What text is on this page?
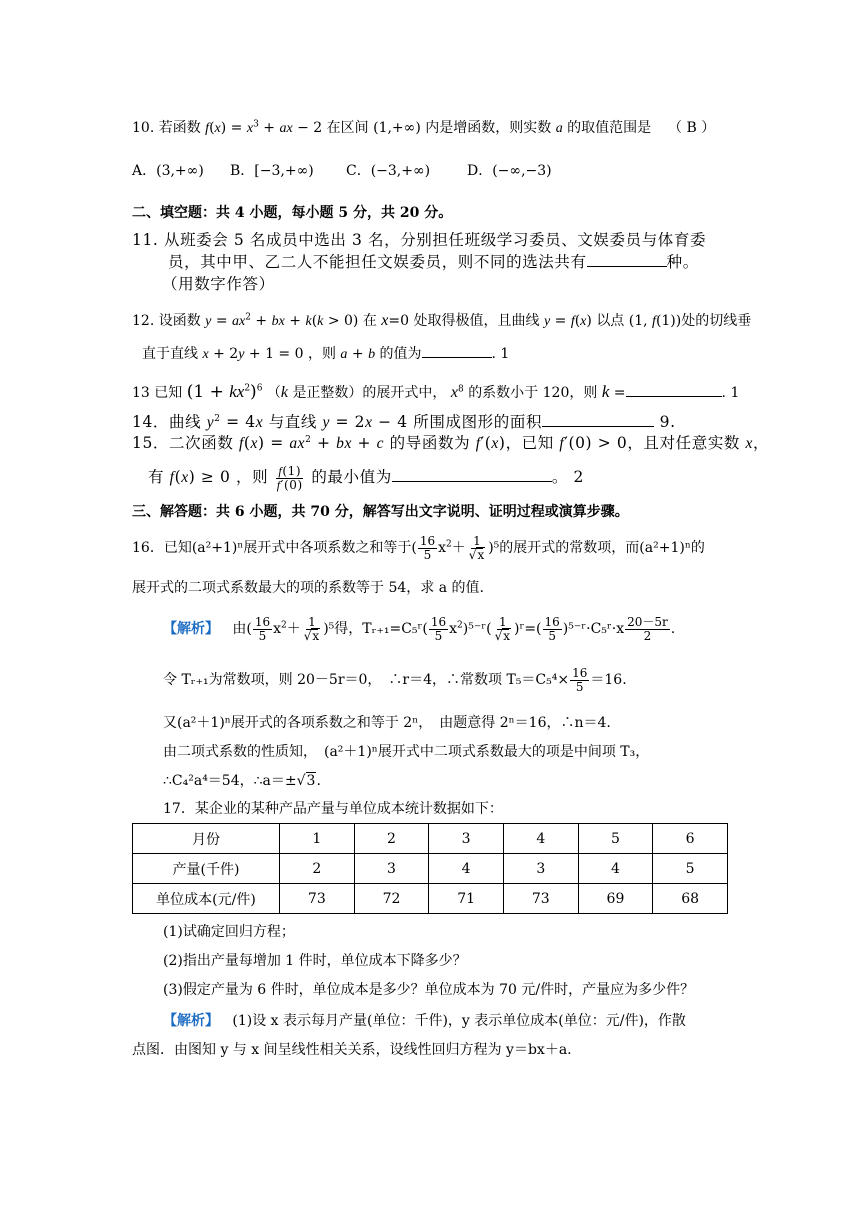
10. 若函数 $f(x) = x^3$ + ax − 2 在区间 (1,+∞) 内是增函数，则实数 a 的取值范围是 （ B ）
A．(3,+∞) B．[−3,+∞) C．(−3,+∞)	D．(−∞,−3)
二、填空题：共 4 小题，每小题 5 分，共 20 分。
11. 从班委会 5 名成员中选出 3 名，分别担任班级学习委员、文娱委员与体育委
员，其中甲、乙二人不能担任文娱委员，则不同的选法共有	种。
（用数字作答）
12. 设函数 $y = ax^2$ + bx + k(k > 0) 在 x=0 处取得极值，且曲线 y = f(x) 以点 (1, f(1))处的切线垂
直于直线 x + 2y + 1 = 0 ，则 a + b 的值为	. 1
13 已知 $(1 + kx^2)^6$ （k 是正整数）的展开式中， $x^8$ 的系数小于 120，则 k =	. 1
14．曲线 $y^2 = 4x$ 与直线 y = 2x − 4 所围成图形的面积	9.
15．二次函数 $f(x) = ax^2$ + bx + c 的导函数为 f′(x)，已知 f′(0) > 0，且对任意实数 x，
有 f(x) ≥ 0 ，则 $\frac{f(1)}{f'(0)}$ 的最小值为	。 2
三、解答题：共 6 小题，共 70 分，解答写出文字说明、证明过程或演算步骤。
16．已知(a²+1)ⁿ展开式中各项系数之和等于( $\frac{16}{5} x^2+ \frac{1}{√x} )^5$的展开式的常数项，而(a²+1)ⁿ的
展开式的二项式系数最大的项的系数等于 54，求 a 的值.
【解析】 由( $\frac{16}{5} x^2+ \frac{1}{√x} )^5$得，Tᵣ₊₁=C₅ʳ( $\frac{16}{5}$ $x^2)^{5-}ʳ( \frac{1}{√x}$ )ʳ=( $\frac{16}{5}$ )⁵⁻ʳ·C₅ʳ·x $\frac{20-5r}{2}$ .
令 Tᵣ₊₁为常数项，则 20－5r＝0，　∴r＝4，∴常数项 $T_5=C_5^4\times \frac{16}{5} =16$.
又(a²＋1)ⁿ展开式的各项系数之和等于 2ⁿ，　由题意得 2ⁿ＝16，∴n＝4.
由二项式系数的性质知，　(a²＋1)ⁿ展开式中二项式系数最大的项是中间项 T₃，
∴C₄²a⁴＝54，∴a＝±√3.
17．某企业的某种产品产量与单位成本统计数据如下：
月份	1	2	3	4	5	6
产量(千件)	2	3	4	3	4	5
单位成本(元/件)	73	72	71	73	69	68
(1)试确定回归方程；
(2)指出产量每增加 1 件时，单位成本下降多少？
(3)假定产量为 6 件时，单位成本是多少？单位成本为 70 元/件时，产量应为多少件？
【解析】 (1)设 x 表示每月产量(单位：千件)，y 表示单位成本(单位：元/件)，作散
点图．由图知 y 与 x 间呈线性相关关系，设线性回归方程为 y＝bx＋a.
